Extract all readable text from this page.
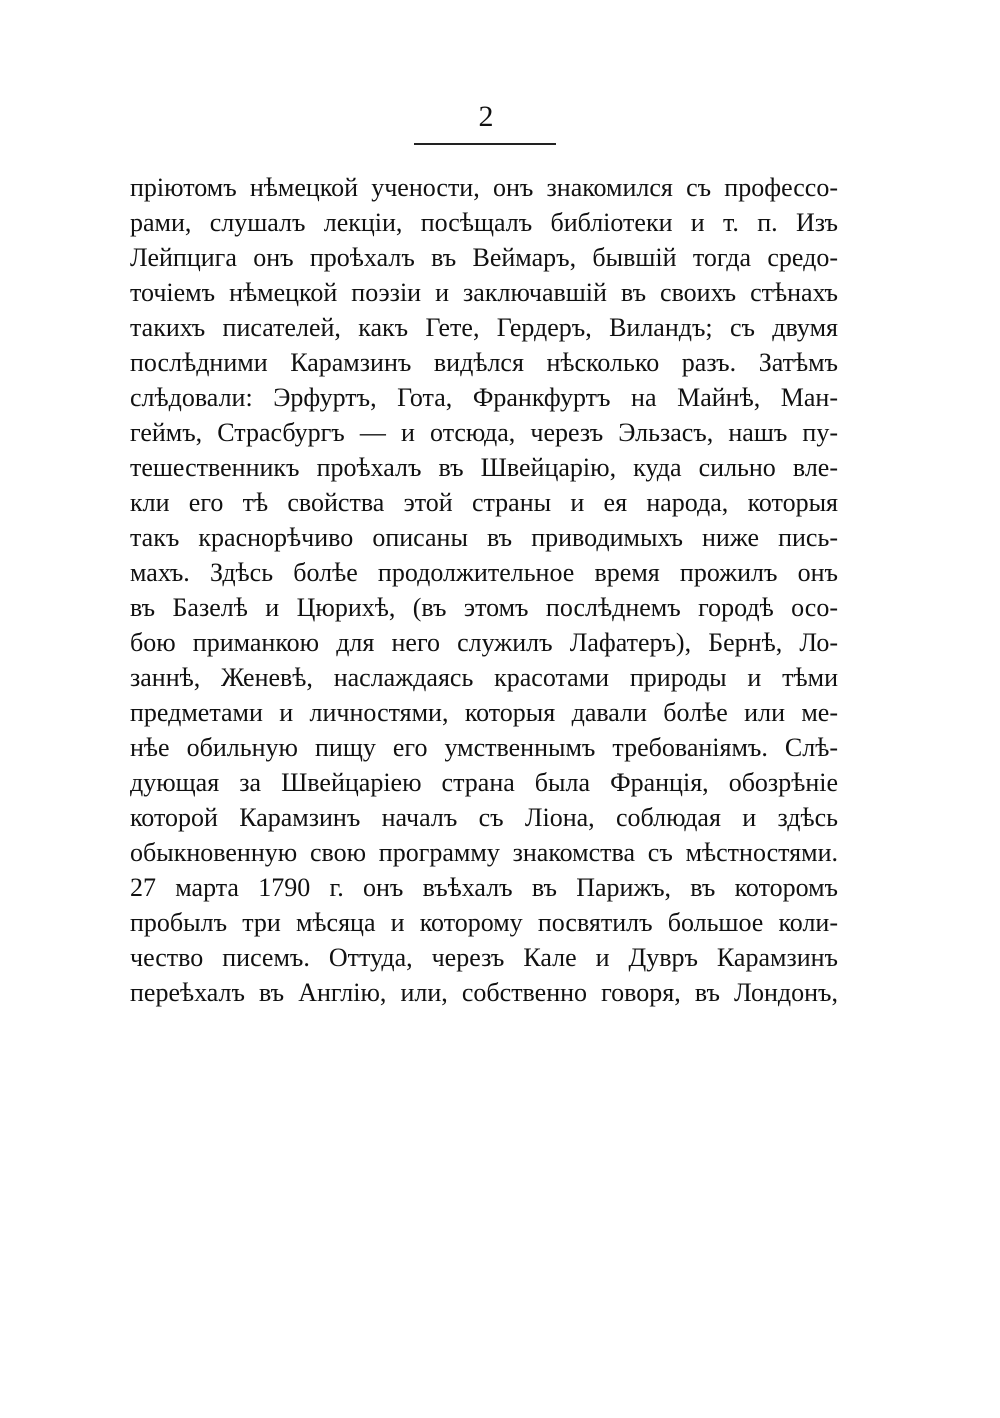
2
пріютомъ нѣмецкой учености, онъ знакомился съ профессо-
рами, слушалъ лекціи, посѣщалъ библіотеки и т. п. Изъ
Лейпцига онъ проѣхалъ въ Веймаръ, бывшій тогда средо-
точіемъ нѣмецкой поэзіи и заключавшій въ своихъ стѣнахъ
такихъ писателей, какъ Гете, Гердеръ, Виландъ; съ двумя
послѣдними Карамзинъ видѣлся нѣсколько разъ. Затѣмъ
слѣдовали: Эрфуртъ, Гота, Франкфуртъ на Майнѣ, Ман-
геймъ, Страсбургъ — и отсюда, черезъ Эльзасъ, нашъ пу-
тешественникъ проѣхалъ въ Швейцарію, куда сильно вле-
кли его тѣ свойства этой страны и ея народа, которыя
такъ краснорѣчиво описаны въ приводимыхъ ниже пись-
махъ. Здѣсь болѣе продолжительное время прожилъ онъ
въ Базелѣ и Цюрихѣ, (въ этомъ послѣднемъ городѣ осо-
бою приманкою для него служилъ Лафатеръ), Бернѣ, Ло-
заннѣ, Женевѣ, наслаждаясь красотами природы и тѣми
предметами и личностями, которыя давали болѣе или ме-
нѣе обильную пищу его умственнымъ требованіямъ. Слѣ-
дующая за Швейцаріею страна была Франція, обозрѣніе
которой Карамзинъ началъ съ Ліона, соблюдая и здѣсь
обыкновенную свою программу знакомства съ мѣстностями.
27 марта 1790 г. онъ въѣхалъ въ Парижъ, въ которомъ
пробылъ три мѣсяца и которому посвятилъ большое коли-
чество писемъ. Оттуда, черезъ Кале и Дувръ Карамзинъ
переѣхалъ въ Англію, или, собственно говоря, въ Лондонъ,
